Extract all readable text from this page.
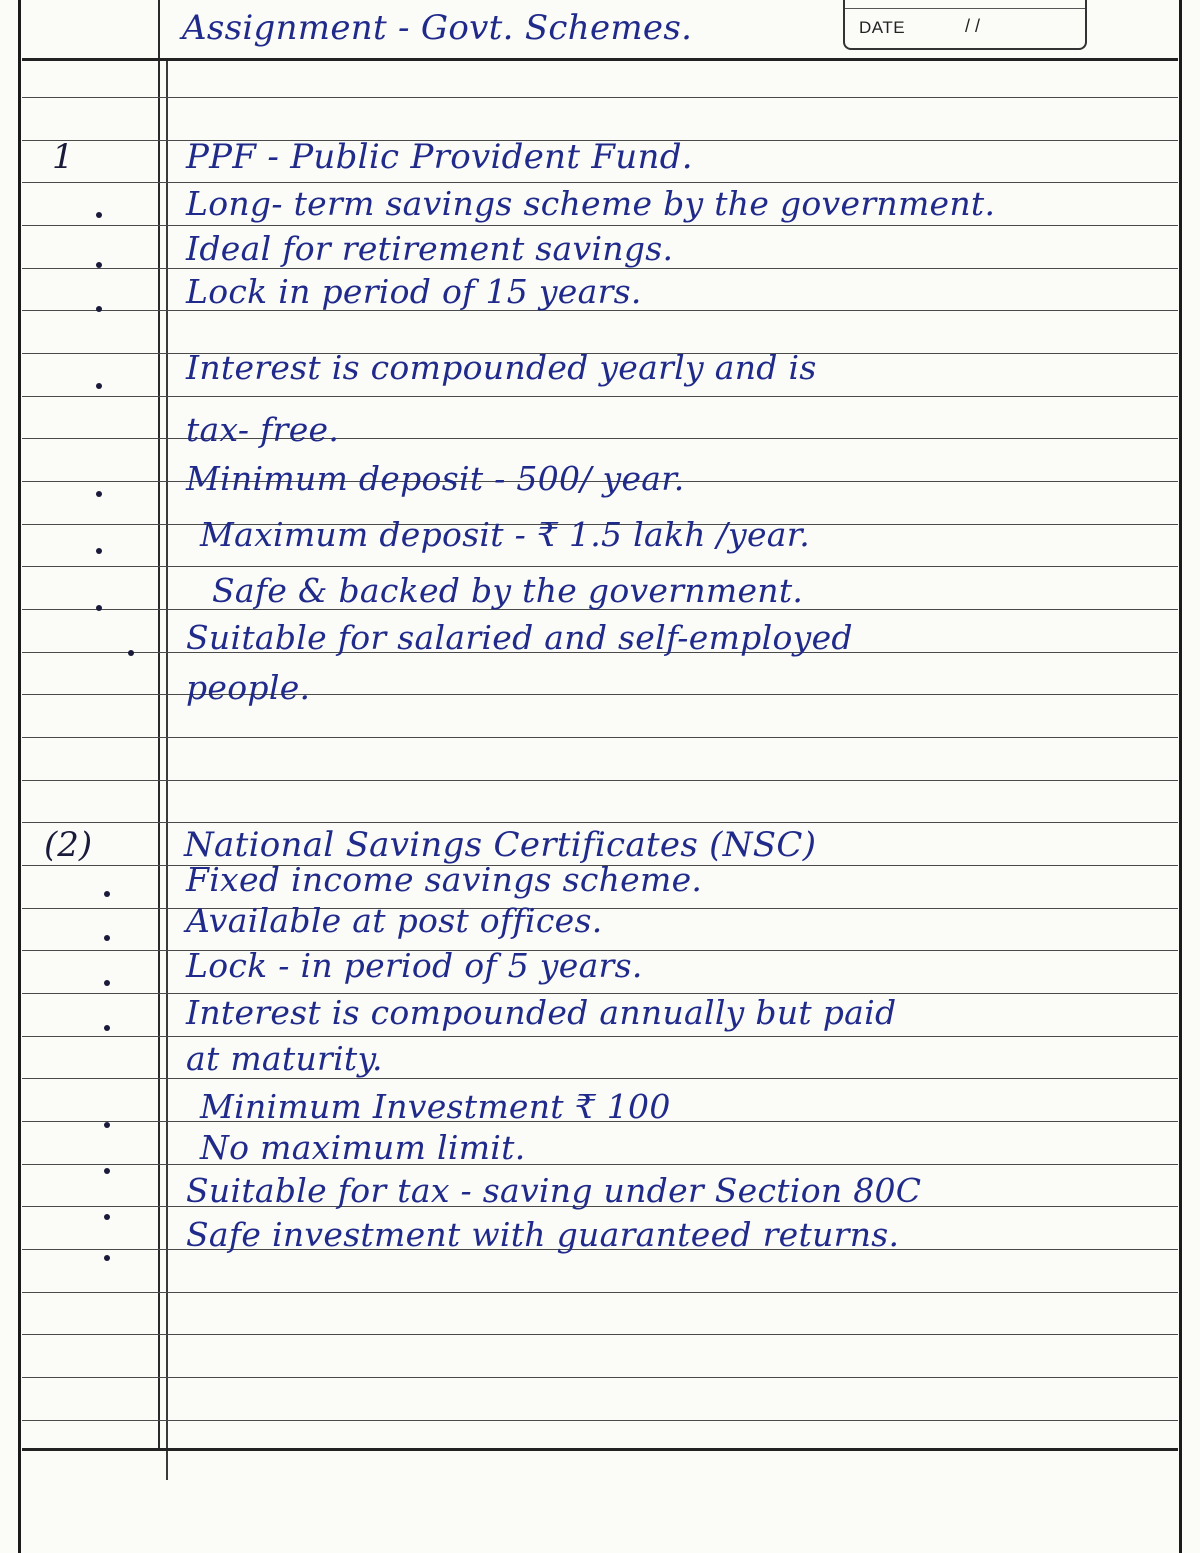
Assignment - Govt. Schemes.	DATE	/ /
1	PPF - Public Provident Fund.
Long- term savings scheme by the government.
Ideal for retirement savings.
Lock in period of 15 years.
Interest is compounded yearly and is
tax- free.
Minimum deposit - 500/ year.
Maximum deposit - ₹ 1.5 lakh /year.
Safe & backed by the government.
Suitable for salaried and self-employed
people.
(2)	National Savings Certificates (NSC)
Fixed income savings scheme.
Available at post offices.
Lock - in period of 5 years.
Interest is compounded annually but paid
at maturity.
Minimum Investment ₹ 100
No maximum limit.
Suitable for tax - saving under Section 80C
Safe investment with guaranteed returns.
